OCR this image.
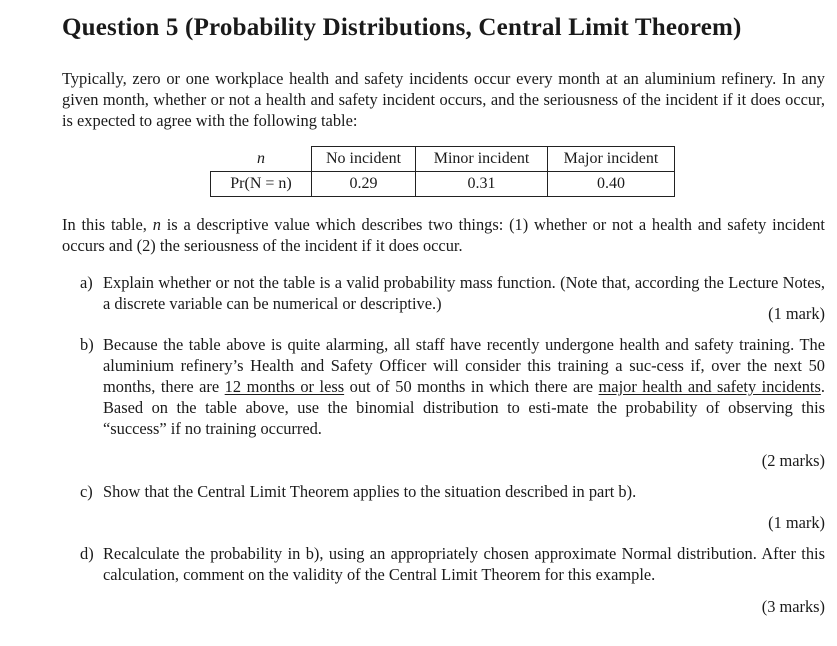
Question 5 (Probability Distributions, Central Limit Theorem)
Typically, zero or one workplace health and safety incidents occur every month at an aluminium refinery. In any given month, whether or not a health and safety incident occurs, and the seriousness of the incident if it does occur, is expected to agree with the following table:
n	No incident	Minor incident	Major incident
Pr(N = n)	0.29	0.31	0.40
In this table, n is a descriptive value which describes two things: (1) whether or not a health and safety incident occurs and (2) the seriousness of the incident if it does occur.
a) Explain whether or not the table is a valid probability mass function. (Note that, according the Lecture Notes, a discrete variable can be numerical or descriptive.)
(1 mark)
b) Because the table above is quite alarming, all staff have recently undergone health and safety training. The aluminium refinery’s Health and Safety Officer will consider this training a suc-cess if, over the next 50 months, there are 12 months or less out of 50 months in which there are major health and safety incidents. Based on the table above, use the binomial distribution to esti-mate the probability of observing this “success” if no training occurred.
(2 marks)
c) Show that the Central Limit Theorem applies to the situation described in part b).
(1 mark)
d) Recalculate the probability in b), using an appropriately chosen approximate Normal distribution. After this calculation, comment on the validity of the Central Limit Theorem for this example.
(3 marks)
